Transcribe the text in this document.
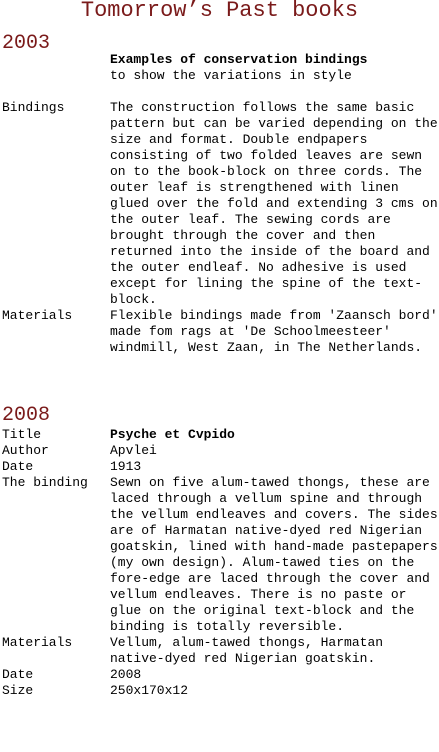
Tomorrow’s Past books
2003
Examples of conservation bindings
to show the variations in style
Bindings	The construction follows the same basic pattern but can be varied depending on the size and format. Double endpapers consisting of two folded leaves are sewn on to the book-block on three cords. The outer leaf is strengthened with linen glued over the fold and extending 3 cms on the outer leaf. The sewing cords are brought through the cover and then returned into the inside of the board and the outer endleaf. No adhesive is used except for lining the spine of the text-block.
Materials	Flexible bindings made from 'Zaansch bord' made fom rags at 'De Schoolmeesteer' windmill, West Zaan, in The Netherlands.
2008
Title	Psyche et Cvpido
Author	Apvlei
Date	1913
The binding	Sewn on five alum-tawed thongs, these are laced through a vellum spine and through the vellum endleaves and covers. The sides are of Harmatan native-dyed red Nigerian goatskin, lined with hand-made pastepapers (my own design). Alum-tawed ties on the fore-edge are laced through the cover and vellum endleaves. There is no paste or glue on the original text-block and the binding is totally reversible.
Materials	Vellum, alum-tawed thongs, Harmatan native-dyed red Nigerian goatskin.
Date	2008
Size	250x170x12
